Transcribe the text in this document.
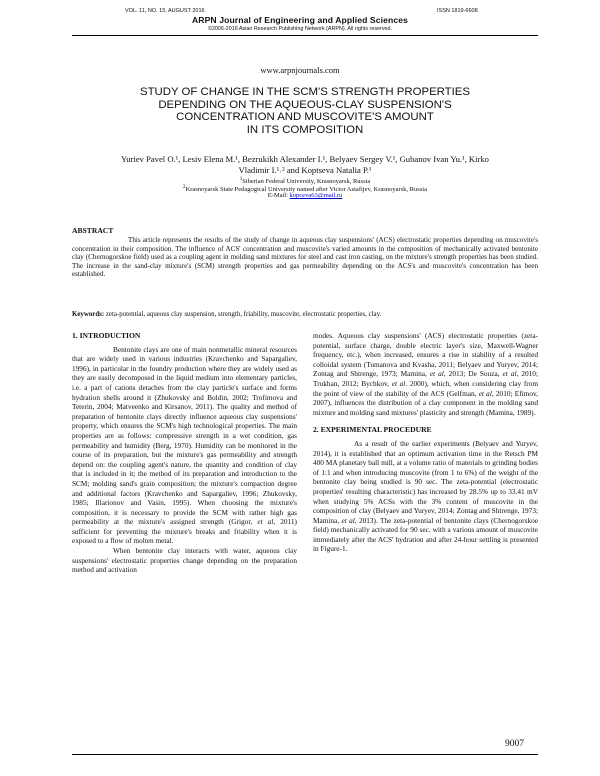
VOL. 11, NO. 15, AUGUST 2016	ISSN 1819-6608
ARPN Journal of Engineering and Applied Sciences
©2006-2016 Asian Research Publishing Network (ARPN). All rights reserved.
www.arpnjournals.com
STUDY OF CHANGE IN THE SCM'S STRENGTH PROPERTIES
DEPENDING ON THE AQUEOUS-CLAY SUSPENSION'S
CONCENTRATION AND MUSCOVITE'S AMOUNT
IN ITS COMPOSITION
Yuriev Pavel O.¹, Lesiv Elena M.¹, Bezrukikh Alexander I.¹, Belyaev Sergey V.¹, Gubanov Ivan Yu.¹, Kirko
Vladimir I.¹˒² and Koptseva Natalia P.¹
$^1$Siberian Federal University, Krasnoyarsk, Russia
$^2$Krasnoyarsk State Pedagogical University named after Victor Astafijev, Krasnoyarsk, Russia
E-Mail: kopceva63@mail.ru
ABSTRACT

This article represents the results of the study of change in aqueous clay suspensions' (ACS) electrostatic properties depending on muscovite's concentration in their composition. The influence of ACS' concentration and muscovite's varied amounts in the composition of mechanically activated bentonite clay (Chernogorskoe field) used as a coupling agent in molding sand mixtures for steel and cast iron casting, on the mixture's strength properties has been studied. The increase in the sand-clay mixture's (SCM) strength properties and gas permeability depending on the ACS's and muscovite's concentration has been established.

Keywords: zeta-potential, aqueous clay suspension, strength, friability, muscovite, electrostatic properties, clay.

1. INTRODUCTION

Bentonite clays are one of main nonmetallic mineral resources that are widely used in various industries (Kravchenko and Sapargaliev, 1996), in particular in the foundry production where they are widely used as they are easily decomposed in the liquid medium into elementary particles, i.e. a part of cations detaches from the clay particle's surface and forms hydration shells around it (Zhukovsky and Boldin, 2002; Trofimova and Teterin, 2004; Matveenko and Kirsanov, 2011). The quality and method of preparation of bentonite clays directly influence aqueous clay suspensions' property, which ensures the SCM's high technological properties. The main properties are as follows: compressive strength in a wet condition, gas permeability and humidity (Berg, 1970). Humidity can be monitored in the course of its preparation, but the mixture's gas permeability and strength depend on: the coupling agent's nature, the quantity and condition of clay that is included in it; the method of its preparation and introduction to the SCM; molding sand's grain composition; the mixture's compaction degree and additional factors (Kravchenko and Sapargaliev, 1996; Zhukovsky, 1985; Illarionov and Vasin, 1995). When choosing the mixture's composition, it is necessary to provide the SCM with rather high gas permeability at the mixture's assigned strength (Grigor, et al, 2011) sufficient for preventing the mixture's breaks and friability when it is exposed to a flow of molten metal.

When bentonite clay interacts with water, aqueous clay suspensions' electrostatic properties change depending on the preparation method and activation

modes. Aqueous clay suspensions' (ACS) electrostatic properties (zeta-potential, surface charge, double electric layer's size, Maxwell-Wagner frequency, etc.), when increased, ensures a rise in stability of a resulted colloidal system (Tumanova and Kvasha, 2011; Belyaev and Yuryev, 2014; Zontag and Shtrenge, 1973; Mamina, et al, 2013; De Souza, et al, 2010; Trukhan, 2012; Bychkov, et al. 2000), which, when considering clay from the point of view of the stability of the ACS (Gelfman, et al, 2010; Efimov, 2007), influences the distribution of a clay component in the molding sand mixture and molding sand mixtures' plasticity and strength (Mamina, 1989).

2. EXPERIMENTAL PROCEDURE

As a result of the earlier experiments (Belyaev and Yuryev, 2014), it is established that an optimum activation time in the Retsch PM 400 MA planetary ball mill, at a volume ratio of materials to grinding bodies of 1:1 and when introducing muscovite (from 1 to 6%) of the weight of the bentonite clay being studied is 90 sec. The zeta-potential (electrostatic properties' resulting characteristic) has increased by 28.5% up to 33.41 mV when studying 5% ACSs with the 3% content of muscovite in the composition of clay (Belyaev and Yuryev, 2014; Zontag and Shtrenge, 1973; Mamina, et al, 2013). The zeta-potential of bentonite clays (Chernogorskoe field) mechanically activated for 90 sec. with a various amount of muscovite immediately after the ACS' hydration and after 24-hour settling is presented in Figure-1.

9007
